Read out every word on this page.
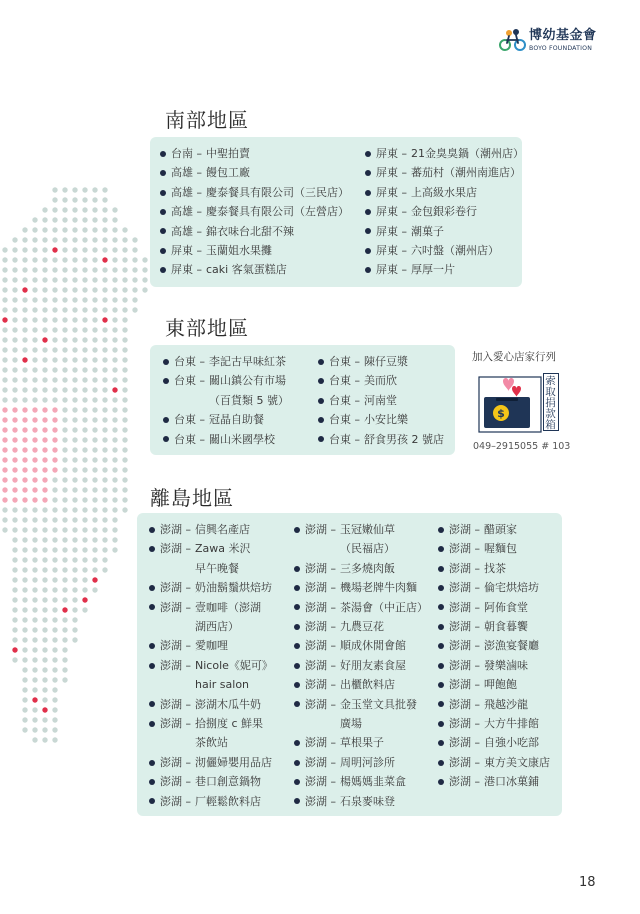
博幼基金會
BOYO FOUNDATION
南部地區
台南 – 中聖拍賣
高雄 – 饅包工廠
高雄 – 慶泰餐具有限公司（三民店）
高雄 – 慶泰餐具有限公司（左營店）
高雄 – 錦衣味台北甜不辣
屏東 – 玉蘭姐水果攤
屏東 – caki 客氣蛋糕店
屏東 – 21金臭臭鍋（潮州店）
屏東 – 蕃茄村（潮州南進店）
屏東 – 上高級水果店
屏東 – 金包銀彩卷行
屏東 – 潮菓子
屏東 – 六吋盤（潮州店）
屏東 – 厚厚一片
東部地區
台東 – 李記古早味紅茶
台東 – 關山鎮公有市場
（百貨類 5 號）
台東 – 冠晶自助餐
台東 – 關山米國學校
台東 – 陳仔豆漿
台東 – 美而欣
台東 – 河南堂
台東 – 小安比樂
台東 – 舒食男孩 2 號店
加入愛心店家行列
$	索取捐款箱
049–2915055 # 103
離島地區
澎湖 – 信興名產店
澎湖 – Zawa 米沢
早午晚餐
澎湖 – 奶油鬍鬚烘焙坊
澎湖 – 壹咖啡（澎湖
湖西店）
澎湖 – 愛咖哩
澎湖 – Nicole《妮可》
hair salon
澎湖 – 澎湖木瓜牛奶
澎湖 – 拾捌度 c 鮮果
茶飲站
澎湖 – 沏儷婦嬰用品店
澎湖 – 巷口創意鍋物
澎湖 – 厂輕鬆飲料店
澎湖 – 玉冠嫩仙草
（民福店）
澎湖 – 三多燒肉飯
澎湖 – 機場老牌牛肉麵
澎湖 – 茶湯會（中正店）
澎湖 – 九農豆花
澎湖 – 順成休閒會館
澎湖 – 好朋友素食屋
澎湖 – 出櫃飲料店
澎湖 – 金玉堂文具批發
廣場
澎湖 – 草根果子
澎湖 – 周明河診所
澎湖 – 楊媽媽韭菜盒
澎湖 – 石泉麥味登
澎湖 – 醋頭家
澎湖 – 喔麵包
澎湖 – 找茶
澎湖 – 倫宅烘焙坊
澎湖 – 阿佈食堂
澎湖 – 朝食暮饗
澎湖 – 澎漁宴餐廳
澎湖 – 發樂滷味
澎湖 – 呷飽飽
澎湖 – 飛越沙龍
澎湖 – 大方牛排館
澎湖 – 自強小吃部
澎湖 – 東方美文康店
澎湖 – 港口冰菓鋪
18
